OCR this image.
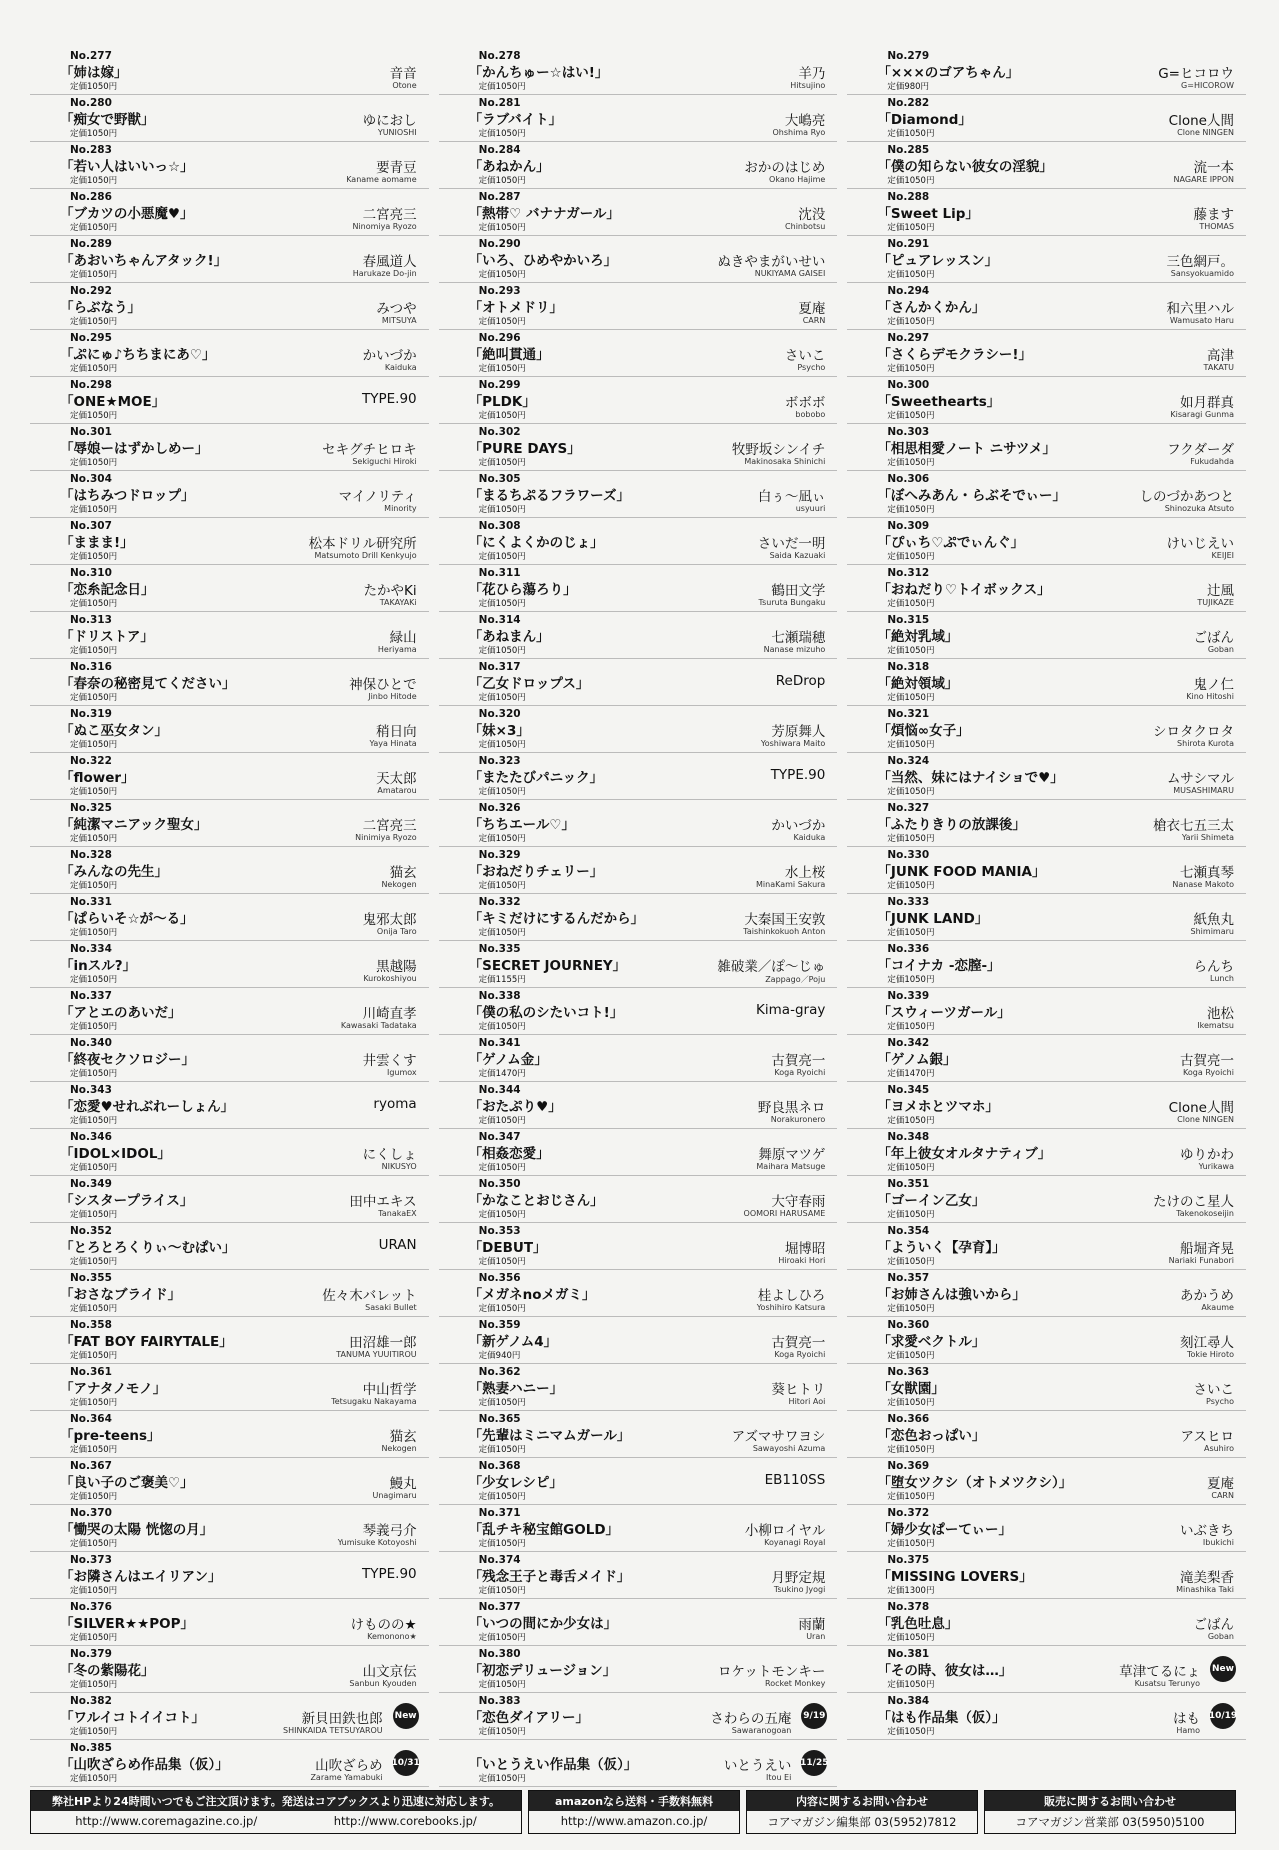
No.277
「姉は嫁」
定価1050円
音音
Otone
No.280
「痴女で野獣」
定価1050円
ゆにおし
YUNIOSHI
No.283
「若い人はいいっ☆」
定価1050円
要青豆
Kaname aomame
No.286
「ブカツの小悪魔♥」
定価1050円
二宮亮三
Ninomiya Ryozo
No.289
「あおいちゃんアタック!」
定価1050円
春風道人
Harukaze Do-jin
No.292
「らぶなう」
定価1050円
みつや
MITSUYA
No.295
「ぷにゅ♪ちちまにあ♡」
定価1050円
かいづか
Kaiduka
No.298
「ONE★MOE」
定価1050円
TYPE.90
No.301
「辱娘ーはずかしめー」
定価1050円
セキグチヒロキ
Sekiguchi Hiroki
No.304
「はちみつドロップ」
定価1050円
マイノリティ
Minority
No.307
「ままま!」
定価1050円
松本ドリル研究所
Matsumoto Drill Kenkyujo
No.310
「恋糸記念日」
定価1050円
たかやKi
TAKAYAKi
No.313
「ドリストア」
定価1050円
緑山
Heriyama
No.316
「春奈の秘密見てください」
定価1050円
神保ひとで
Jinbo Hitode
No.319
「ぬこ巫女タン」
定価1050円
稍日向
Yaya Hinata
No.322
「flower」
定価1050円
天太郎
Amatarou
No.325
「純潔マニアック聖女」
定価1050円
二宮亮三
Ninimiya Ryozo
No.328
「みんなの先生」
定価1050円
猫玄
Nekogen
No.331
「ぱらいそ☆が～る」
定価1050円
鬼邪太郎
Onija Taro
No.334
「inスル?」
定価1050円
黒越陽
Kurokoshiyou
No.337
「アとエのあいだ」
定価1050円
川崎直孝
Kawasaki Tadataka
No.340
「終夜セクソロジー」
定価1050円
井雲くす
Igumox
No.343
「恋愛♥せれぶれーしょん」
定価1050円
ryoma
No.346
「IDOL×IDOL」
定価1050円
にくしょ
NIKUSYO
No.349
「シスタープライス」
定価1050円
田中エキス
TanakaEX
No.352
「とろとろくりぃ～むぱい」
定価1050円
URAN
No.355
「おさなブライド」
定価1050円
佐々木バレット
Sasaki Bullet
No.358
「FAT BOY FAIRYTALE」
定価1050円
田沼雄一郎
TANUMA YUUITIROU
No.361
「アナタノモノ」
定価1050円
中山哲学
Tetsugaku Nakayama
No.364
「pre-teens」
定価1050円
猫玄
Nekogen
No.367
「良い子のご褒美♡」
定価1050円
鰻丸
Unagimaru
No.370
「慟哭の太陽 恍惚の月」
定価1050円
琴義弓介
Yumisuke Kotoyoshi
No.373
「お隣さんはエイリアン」
定価1050円
TYPE.90
No.376
「SILVER★★POP」
定価1050円
けものの★
Kemonono★
No.379
「冬の紫陽花」
定価1050円
山文京伝
Sanbun Kyouden
No.382
「ワルイコトイイコト」
定価1050円
新貝田鉄也郎
SHINKAIDA TETSUYAROU
New
No.385
「山吹ざらめ作品集（仮）」
定価1050円
山吹ざらめ
Zarame Yamabuki
10/31
No.278
「かんちゅー☆はい!」
定価1050円
羊乃
Hitsujino
No.281
「ラブバイト」
定価1050円
大嶋亮
Ohshima Ryo
No.284
「あねかん」
定価1050円
おかのはじめ
Okano Hajime
No.287
「熱帯♡ バナナガール」
定価1050円
沈没
Chinbotsu
No.290
「いろ、ひめやかいろ」
定価1050円
ぬきやまがいせい
NUKIYAMA GAISEI
No.293
「オトメドリ」
定価1050円
夏庵
CARN
No.296
「絶叫貫通」
定価1050円
さいこ
Psycho
No.299
「PLDK」
定価1050円
ボボボ
bobobo
No.302
「PURE DAYS」
定価1050円
牧野坂シンイチ
Makinosaka Shinichi
No.305
「まるちぷるフラワーズ」
定価1050円
白ぅ～凪ぃ
usyuuri
No.308
「にくよくかのじょ」
定価1050円
さいだ一明
Saida Kazuaki
No.311
「花ひら蕩ろり」
定価1050円
鶴田文学
Tsuruta Bungaku
No.314
「あねまん」
定価1050円
七瀬瑞穂
Nanase mizuho
No.317
「乙女ドロップス」
定価1050円
ReDrop
No.320
「妹×3」
定価1050円
芳原舞人
Yoshiwara Maito
No.323
「またたびパニック」
定価1050円
TYPE.90
No.326
「ちちエール♡」
定価1050円
かいづか
Kaiduka
No.329
「おねだりチェリー」
定価1050円
水上桜
MinaKami Sakura
No.332
「キミだけにするんだから」
定価1050円
大秦国王安敦
Taishinkokuoh Anton
No.335
「SECRET JOURNEY」
定価1155円
雑破業／ぽ～じゅ
Zappago／Poju
No.338
「僕の私のシたいコト!」
定価1050円
Kima-gray
No.341
「ゲノム金」
定価1470円
古賀亮一
Koga Ryoichi
No.344
「おたぷり♥」
定価1050円
野良黒ネロ
Norakuronero
No.347
「相姦恋愛」
定価1050円
舞原マツゲ
Maihara Matsuge
No.350
「かなことおじさん」
定価1050円
大守春雨
OOMORI HARUSAME
No.353
「DEBUT」
定価1050円
堀博昭
Hiroaki Hori
No.356
「メガネnoメガミ」
定価1050円
桂よしひろ
Yoshihiro Katsura
No.359
「新ゲノム4」
定価940円
古賀亮一
Koga Ryoichi
No.362
「熟妻ハニー」
定価1050円
葵ヒトリ
Hitori Aoi
No.365
「先輩はミニマムガール」
定価1050円
アズマサワヨシ
Sawayoshi Azuma
No.368
「少女レシピ」
定価1050円
EB110SS
No.371
「乱チキ秘宝館GOLD」
定価1050円
小柳ロイヤル
Koyanagi Royal
No.374
「残念王子と毒舌メイド」
定価1050円
月野定規
Tsukino Jyogi
No.377
「いつの間にか少女は」
定価1050円
雨蘭
Uran
No.380
「初恋デリュージョン」
定価1050円
ロケットモンキー
Rocket Monkey
No.383
「恋色ダイアリー」
定価1050円
さわらの五庵
Sawaranogoan
9/19
「いとうえい作品集（仮）」
定価1050円
いとうえい
Itou Ei
11/25
No.279
「×××のゴアちゃん」
定価980円
G=ヒコロウ
G=HICOROW
No.282
「Diamond」
定価1050円
Clone人間
Clone NINGEN
No.285
「僕の知らない彼女の淫貌」
定価1050円
流一本
NAGARE IPPON
No.288
「Sweet Lip」
定価1050円
藤ます
THOMAS
No.291
「ピュアレッスン」
定価1050円
三色網戸。
Sansyokuamido
No.294
「さんかくかん」
定価1050円
和六里ハル
Wamusato Haru
No.297
「さくらデモクラシー!」
定価1050円
高津
TAKATU
No.300
「Sweethearts」
定価1050円
如月群真
Kisaragi Gunma
No.303
「相思相愛ノート ニサツメ」
定価1050円
フクダーダ
Fukudahda
No.306
「ぼへみあん・らぶそでぃー」
定価1050円
しのづかあつと
Shinozuka Atsuto
No.309
「ぴぃち♡ぷでぃんぐ」
定価1050円
けいじえい
KEIJEI
No.312
「おねだり♡トイボックス」
定価1050円
辻風
TUJIKAZE
No.315
「絶対乳域」
定価1050円
ごばん
Goban
No.318
「絶対領域」
定価1050円
鬼ノ仁
Kino Hitoshi
No.321
「煩悩∞女子」
定価1050円
シロタクロタ
Shirota Kurota
No.324
「当然、妹にはナイショで♥」
定価1050円
ムサシマル
MUSASHIMARU
No.327
「ふたりきりの放課後」
定価1050円
槍衣七五三太
Yarii Shimeta
No.330
「JUNK FOOD MANIA」
定価1050円
七瀬真琴
Nanase Makoto
No.333
「JUNK LAND」
定価1050円
紙魚丸
Shimimaru
No.336
「コイナカ -恋膣-」
定価1050円
らんち
Lunch
No.339
「スウィーツガール」
定価1050円
池松
Ikematsu
No.342
「ゲノム銀」
定価1470円
古賀亮一
Koga Ryoichi
No.345
「ヨメホとツマホ」
定価1050円
Clone人間
Clone NINGEN
No.348
「年上彼女オルタナティブ」
定価1050円
ゆりかわ
Yurikawa
No.351
「ゴーイン乙女」
定価1050円
たけのこ星人
Takenokoseijin
No.354
「よういく【孕育】」
定価1050円
船堀斉晃
Nariaki Funabori
No.357
「お姉さんは強いから」
定価1050円
あかうめ
Akaume
No.360
「求愛ベクトル」
定価1050円
刻江尋人
Tokie Hiroto
No.363
「女獣園」
定価1050円
さいこ
Psycho
No.366
「恋色おっぱい」
定価1050円
アスヒロ
Asuhiro
No.369
「堕女ツクシ（オトメツクシ）」
定価1050円
夏庵
CARN
No.372
「婦少女ぱーてぃー」
定価1050円
いぶきち
Ibukichi
No.375
「MISSING LOVERS」
定価1300円
滝美梨香
Minashika Taki
No.378
「乳色吐息」
定価1050円
ごばん
Goban
No.381
「その時、彼女は…」
定価1050円
草津てるにょ
Kusatsu Terunyo
New
No.384
「はも作品集（仮）」
定価1050円
はも
Hamo
10/19
弊社HPより24時間いつでもご注文頂けます。発送はコアブックスより迅速に対応します。
http://www.coremagazine.co.jp/	http://www.corebooks.jp/
amazonなら送料・手数料無料
http://www.amazon.co.jp/
内容に関するお問い合わせ
コアマガジン編集部 03(5952)7812
販売に関するお問い合わせ
コアマガジン営業部 03(5950)5100
